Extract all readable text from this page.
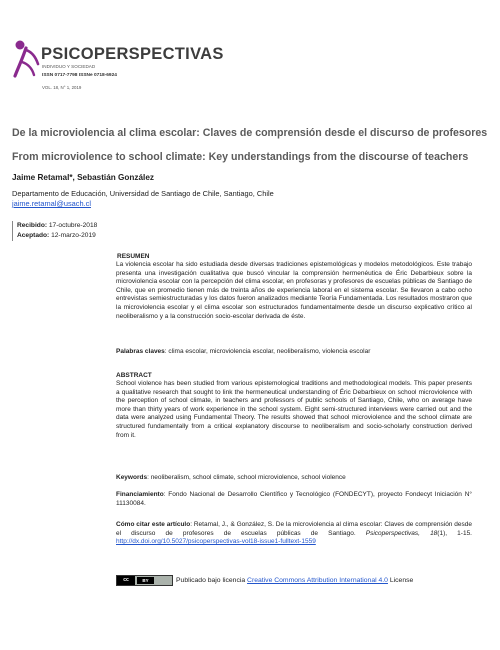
PSICOPERSPECTIVAS
INDIVIDUO Y SOCIEDAD
ISSN 0717-7798 ISSNe 0718-6924
VOL. 18, N° 1, 2019
De la microviolencia al clima escolar: Claves de comprensión desde el discurso de profesores
From microviolence to school climate: Key understandings from the discourse of teachers
Jaime Retamal*, Sebastián González
Departamento de Educación, Universidad de Santiago de Chile, Santiago, Chile
jaime.retamal@usach.cl
Recibido: 17-octubre-2018
Aceptado: 12-marzo-2019
RESUMEN
La violencia escolar ha sido estudiada desde diversas tradiciones epistemológicas y modelos metodológicos. Este trabajo presenta una investigación cualitativa que buscó vincular la comprensión hermenéutica de Éric Debarbieux sobre la microviolencia escolar con la percepción del clima escolar, en profesoras y profesores de escuelas públicas de Santiago de Chile, que en promedio tienen más de treinta años de experiencia laboral en el sistema escolar. Se llevaron a cabo ocho entrevistas semiestructuradas y los datos fueron analizados mediante Teoría Fundamentada. Los resultados mostraron que la microviolencia escolar y el clima escolar son estructurados fundamentalmente desde un discurso explicativo crítico al neoliberalismo y a la construcción socio-escolar derivada de éste.
Palabras claves: clima escolar, microviolencia escolar, neoliberalismo, violencia escolar
ABSTRACT
School violence has been studied from various epistemological traditions and methodological models. This paper presents a qualitative research that sought to link the hermeneutical understanding of Éric Debarbieux on school microviolence with the perception of school climate, in teachers and professors of public schools of Santiago, Chile, who on average have more than thirty years of work experience in the school system. Eight semi-structured interviews were carried out and the data were analyzed using Fundamental Theory. The results showed that school microviolence and the school climate are structured fundamentally from a critical explanatory discourse to neoliberalism and socio-scholarly construction derived from it.
Keywords: neoliberalism, school climate, school microviolence, school violence
Financiamiento: Fondo Nacional de Desarrollo Científico y Tecnológico (FONDECYT), proyecto Fondecyt Iniciación N° 11130084.
Cómo citar este artículo: Retamal, J., & González, S. De la microviolencia al clima escolar: Claves de comprensión desde el discurso de profesores de escuelas públicas de Santiago. Psicoperspectivas, 18(1), 1-15. http://dx.doi.org/10.5027/psicoperspectivas-vol18-issue1-fulltext-1559
cc	BY	Publicado bajo licencia Creative Commons Attribution International 4.0 License
